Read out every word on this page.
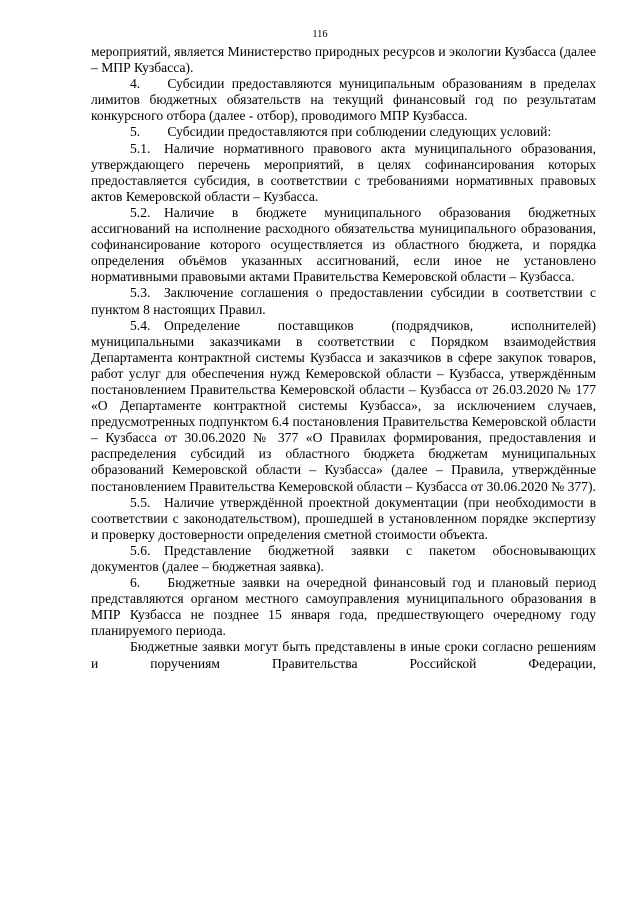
116

мероприятий, является Министерство природных ресурсов и экологии Кузбасса (далее – МПР Кузбасса).

4.  Субсидии предоставляются муниципальным образованиям в пределах лимитов бюджетных обязательств на текущий финансовый год по результатам конкурсного отбора (далее - отбор), проводимого МПР Кузбасса.

5.  Субсидии предоставляются при соблюдении следующих условий:

5.1. Наличие нормативного правового акта муниципального образования, утверждающего перечень мероприятий, в целях софинансирования которых предоставляется субсидия, в соответствии с требованиями нормативных правовых актов Кемеровской области – Кузбасса.

5.2. Наличие в бюджете муниципального образования бюджетных ассигнований на исполнение расходного обязательства муниципального образования, софинансирование которого осуществляется из областного бюджета, и порядка определения объёмов указанных ассигнований, если иное не установлено нормативными правовыми актами Правительства Кемеровской области – Кузбасса.

5.3. Заключение соглашения о предоставлении субсидии в соответствии с пунктом 8 настоящих Правил.

5.4. Определение поставщиков (подрядчиков, исполнителей) муниципальными заказчиками в соответствии с Порядком взаимодействия Департамента контрактной системы Кузбасса и заказчиков в сфере закупок товаров, работ услуг для обеспечения нужд Кемеровской области – Кузбасса, утверждённым постановлением Правительства Кемеровской области – Кузбасса от 26.03.2020 № 177 «О Департаменте контрактной системы Кузбасса», за исключением случаев, предусмотренных подпунктом 6.4 постановления Правительства Кемеровской области – Кузбасса от 30.06.2020 № 377 «О Правилах формирования, предоставления и распределения субсидий из областного бюджета бюджетам муниципальных образований Кемеровской области – Кузбасса» (далее – Правила, утверждённые постановлением Правительства Кемеровской области – Кузбасса от 30.06.2020 № 377).

5.5. Наличие утверждённой проектной документации (при необходимости в соответствии с законодательством), прошедшей в установленном порядке экспертизу и проверку достоверности определения сметной стоимости объекта.

5.6. Представление бюджетной заявки с пакетом обосновывающих документов (далее – бюджетная заявка).

6.  Бюджетные заявки на очередной финансовый год и плановый период представляются органом местного самоуправления муниципального образования в МПР Кузбасса не позднее 15 января года, предшествующего очередному году планируемого периода.

Бюджетные заявки могут быть представлены в иные сроки согласно решениям и поручениям Правительства Российской Федерации,
